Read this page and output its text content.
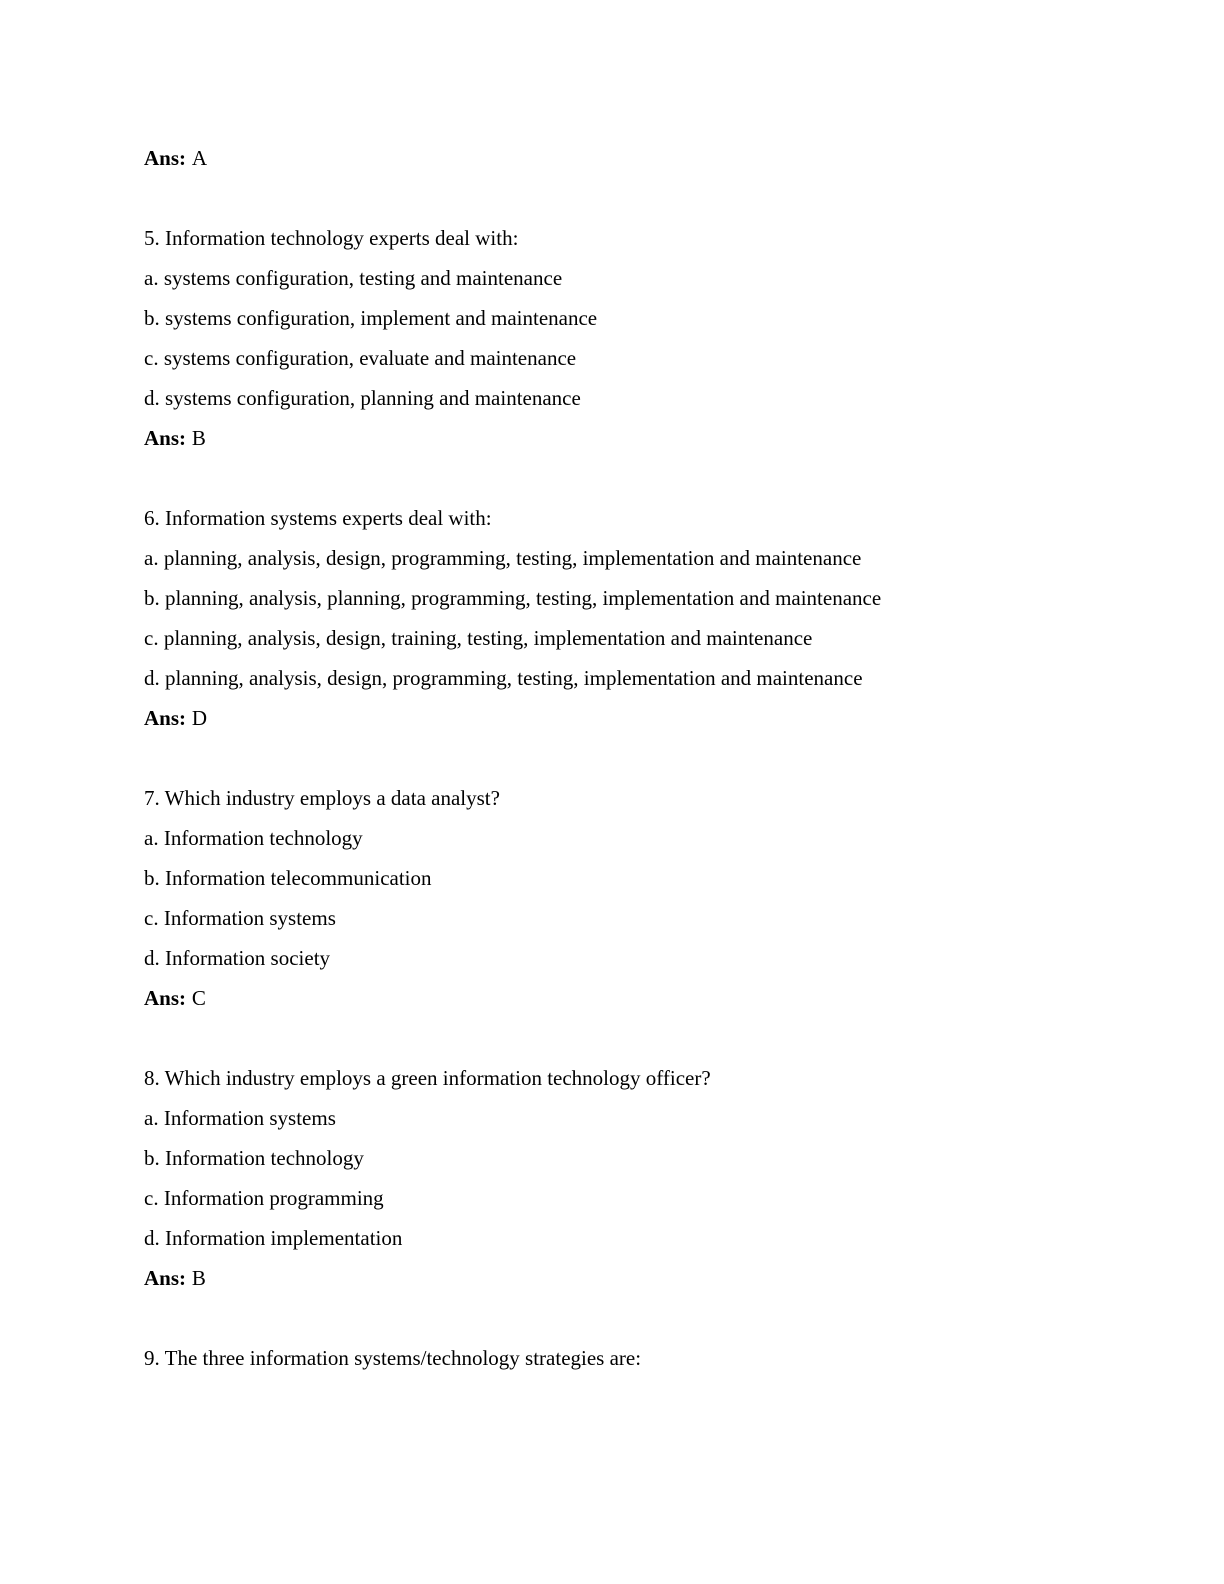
Ans: A

5. Information technology experts deal with:

a. systems configuration, testing and maintenance

b. systems configuration, implement and maintenance

c. systems configuration, evaluate and maintenance

d. systems configuration, planning and maintenance

Ans: B

6. Information systems experts deal with:

a. planning, analysis, design, programming, testing, implementation and maintenance

b. planning, analysis, planning, programming, testing, implementation and maintenance

c. planning, analysis, design, training, testing, implementation and maintenance

d. planning, analysis, design, programming, testing, implementation and maintenance

Ans: D

7. Which industry employs a data analyst?

a. Information technology

b. Information telecommunication

c. Information systems

d. Information society

Ans: C

8. Which industry employs a green information technology officer?

a. Information systems

b. Information technology

c. Information programming

d. Information implementation

Ans: B

9. The three information systems/technology strategies are:
